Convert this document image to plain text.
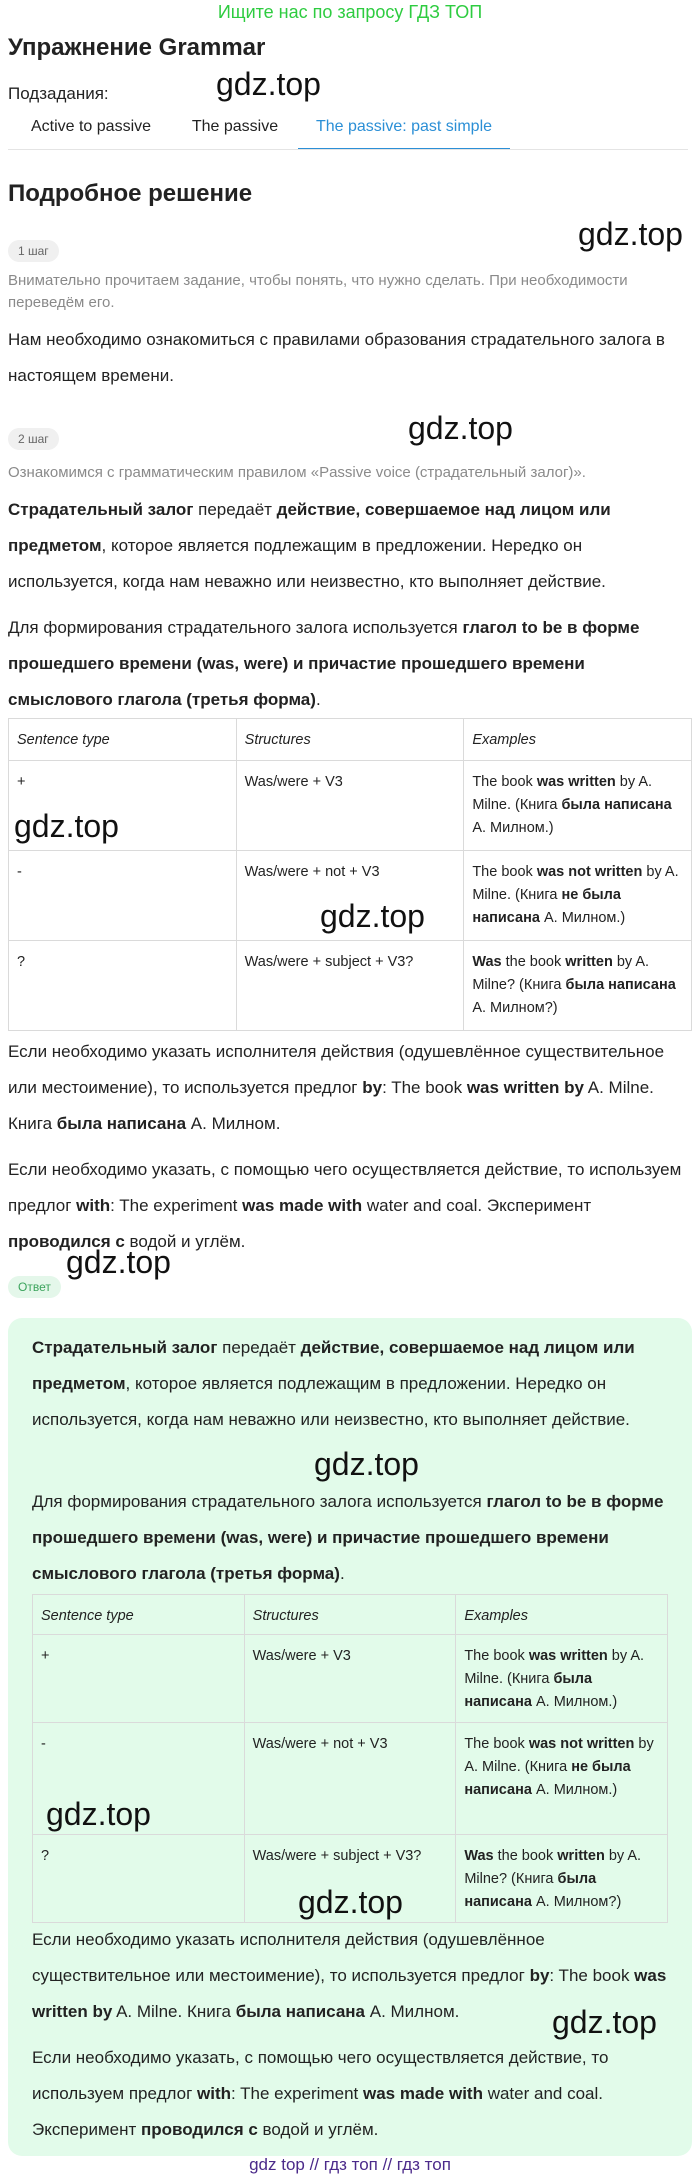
Ищите нас по запросу ГДЗ ТОП
Упражнение Grammar
Подзадания:	gdz.top
Active to passive	The passive	The passive: past simple
Подробное решение
gdz.top
1 шаг
Внимательно прочитаем задание, чтобы понять, что нужно сделать. При необходимости переведём его.
Нам необходимо ознакомиться с правилами образования страдательного залога в настоящем времени.
2 шаг	gdz.top
Ознакомимся с грамматическим правилом «Passive voice (страдательный залог)».
Страдательный залог передаёт действие, совершаемое над лицом или предметом, которое является подлежащим в предложении. Нередко он используется, когда нам неважно или неизвестно, кто выполняет действие.
Для формирования страдательного залога используется глагол to be в форме прошедшего времени (was, were) и причастие прошедшего времени смыслового глагола (третья форма).
Sentence type	Structures	Examples
+	Was/were + V3	The book was written by A. Milne. (Книга была написана А. Милном.)
-	Was/were + not + V3	The book was not written by A. Milne. (Книга не была написана А. Милном.)
?	Was/were + subject + V3?	Was the book written by A. Milne? (Книга была написана А. Милном?)
gdz.top
gdz.top
Если необходимо указать исполнителя действия (одушевлённое существительное или местоимение), то используется предлог by: The book was written by A. Milne. Книга была написана А. Милном.
Если необходимо указать, с помощью чего осуществляется действие, то используем предлог with: The experiment was made with water and coal. Эксперимент проводился с водой и углём.
Ответ
gdz.top
Страдательный залог передаёт действие, совершаемое над лицом или предметом, которое является подлежащим в предложении. Нередко он используется, когда нам неважно или неизвестно, кто выполняет действие.
gdz.top
Для формирования страдательного залога используется глагол to be в форме прошедшего времени (was, were) и причастие прошедшего времени смыслового глагола (третья форма).
Sentence type	Structures	Examples
+	Was/were + V3	The book was written by A. Milne. (Книга была написана А. Милном.)
-	Was/were + not + V3	The book was not written by A. Milne. (Книга не была написана А. Милном.)
?	Was/were + subject + V3?	Was the book written by A. Milne? (Книга была написана А. Милном?)
gdz.top
gdz.top
Если необходимо указать исполнителя действия (одушевлённое существительное или местоимение), то используется предлог by: The book was written by A. Milne. Книга была написана А. Милном.	gdz.top
Если необходимо указать, с помощью чего осуществляется действие, то используем предлог with: The experiment was made with water and coal. Эксперимент проводился с водой и углём.
gdz top // гдз топ // гдз топ
